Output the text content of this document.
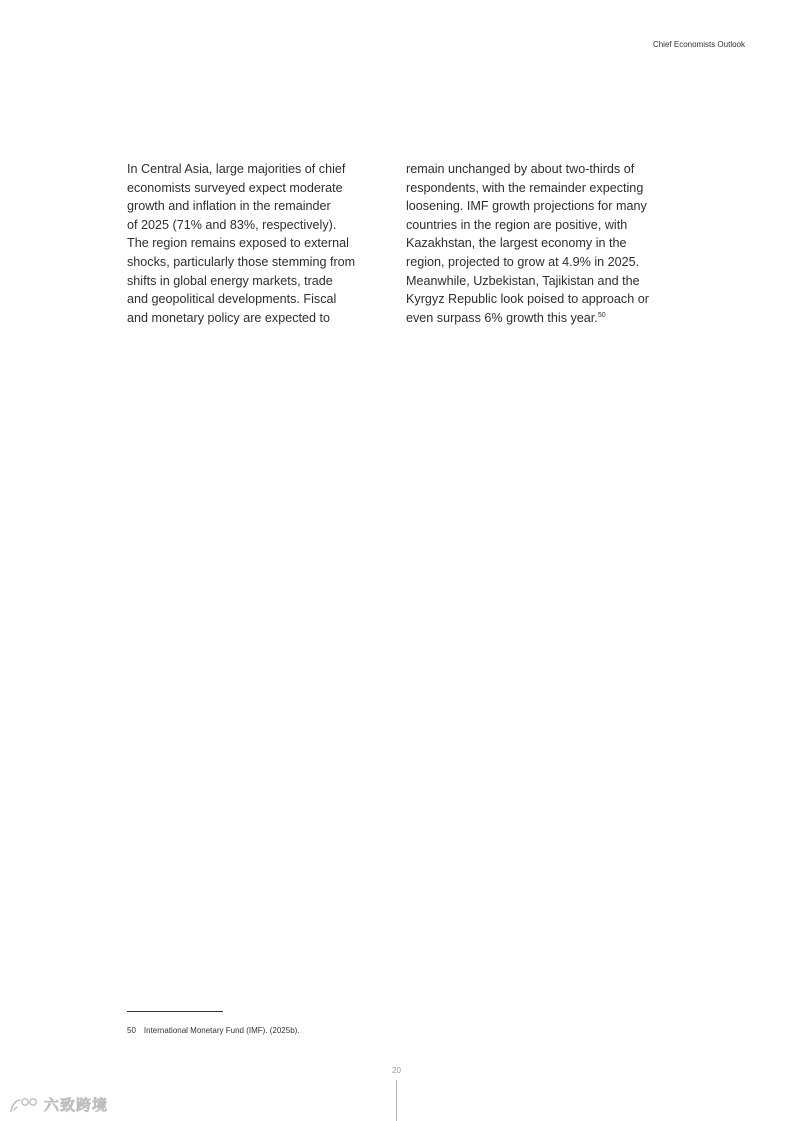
Chief Economists Outlook
In Central Asia, large majorities of chief
economists surveyed expect moderate
growth and inflation in the remainder
of 2025 (71% and 83%, respectively).
The region remains exposed to external
shocks, particularly those stemming from
shifts in global energy markets, trade
and geopolitical developments. Fiscal
and monetary policy are expected to
remain unchanged by about two-thirds of
respondents, with the remainder expecting
loosening. IMF growth projections for many
countries in the region are positive, with
Kazakhstan, the largest economy in the
region, projected to grow at 4.9% in 2025.
Meanwhile, Uzbekistan, Tajikistan and the
Kyrgyz Republic look poised to approach or
even surpass 6% growth this year.$^{50}$
50 International Monetary Fund (IMF). (2025b).
20
六致跨境
